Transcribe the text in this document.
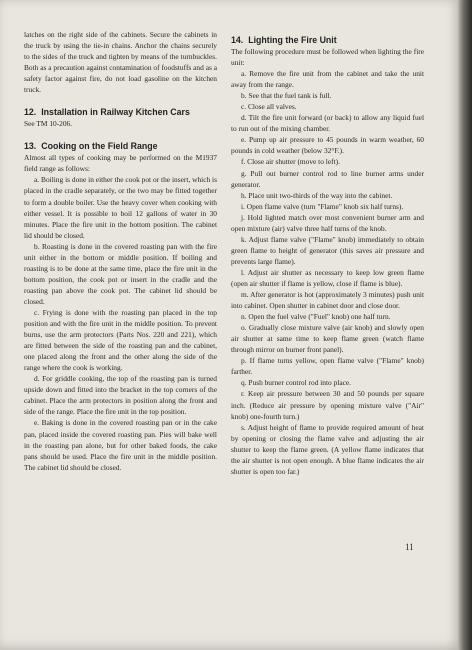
latches on the right side of the cabinets. Secure the cabinets in the truck by using the tie-in chains. Anchor the chains securely to the sides of the truck and tighten by means of the turnbuckles. Both as a precaution against contamination of foodstuffs and as a safety factor against fire, do not load gasoline on the kitchen truck.

12. Installation in Railway Kitchen Cars

See TM 10-206.

13. Cooking on the Field Range

Almost all types of cooking may be performed on the M1937 field range as follows:

a. Boiling is done in either the cook pot or the insert, which is placed in the cradle separately, or the two may be fitted together to form a double boiler. Use the heavy cover when cooking with either vessel. It is possible to boil 12 gallons of water in 30 minutes. Place the fire unit in the bottom position. The cabinet lid should be closed.

b. Roasting is done in the covered roasting pan with the fire unit either in the bottom or middle position. If boiling and roasting is to be done at the same time, place the fire unit in the bottom position, the cook pot or insert in the cradle and the roasting pan above the cook pot. The cabinet lid should be closed.

c. Frying is done with the roasting pan placed in the top position and with the fire unit in the middle position. To prevent burns, use the arm protectors (Parts Nos. 220 and 221), which are fitted between the side of the roasting pan and the cabinet, one placed along the front and the other along the side of the range where the cook is working.

d. For griddle cooking, the top of the roasting pan is turned upside down and fitted into the bracket in the top corners of the cabinet. Place the arm protectors in position along the front and side of the range. Place the fire unit in the top position.

e. Baking is done in the covered roasting pan or in the cake pan, placed inside the covered roasting pan. Pies will bake well in the roasting pan alone, but for other baked foods, the cake pans should be used. Place the fire unit in the middle position. The cabinet lid should be closed.

14. Lighting the Fire Unit

The following procedure must be followed when lighting the fire unit:

a. Remove the fire unit from the cabinet and take the unit away from the range.

b. See that the fuel tank is full.

c. Close all valves.

d. Tilt the fire unit forward (or back) to allow any liquid fuel to run out of the mixing chamber.

e. Pump up air pressure to 45 pounds in warm weather, 60 pounds in cold weather (below 32°F.).

f. Close air shutter (move to left).

g. Pull out burner control rod to line burner arms under generator.

h. Place unit two-thirds of the way into the cabinet.

i. Open flame valve (turn "Flame" knob six half turns).

j. Hold lighted match over most convenient burner arm and open mixture (air) valve three half turns of the knob.

k. Adjust flame valve ("Flame" knob) immediately to obtain green flame to height of generator (this saves air pressure and prevents large flame).

l. Adjust air shutter as necessary to keep low green flame (open air shutter if flame is yellow, close if flame is blue).

m. After generator is hot (approximately 3 minutes) push unit into cabinet. Open shutter in cabinet door and close door.

n. Open the fuel valve ("Fuel" knob) one half turn.

o. Gradually close mixture valve (air knob) and slowly open air shutter at same time to keep flame green (watch flame through mirror on burner front panel).

p. If flame turns yellow, open flame valve ("Flame" knob) farther.

q. Push burner control rod into place.

r. Keep air pressure between 30 and 50 pounds per square inch. (Reduce air pressure by opening mixture valve ("Air" knob) one-fourth turn.)

s. Adjust height of flame to provide required amount of heat by opening or closing the flame valve and adjusting the air shutter to keep the flame green. (A yellow flame indicates that the air shutter is not open enough. A blue flame indicates the air shutter is open too far.)

11
